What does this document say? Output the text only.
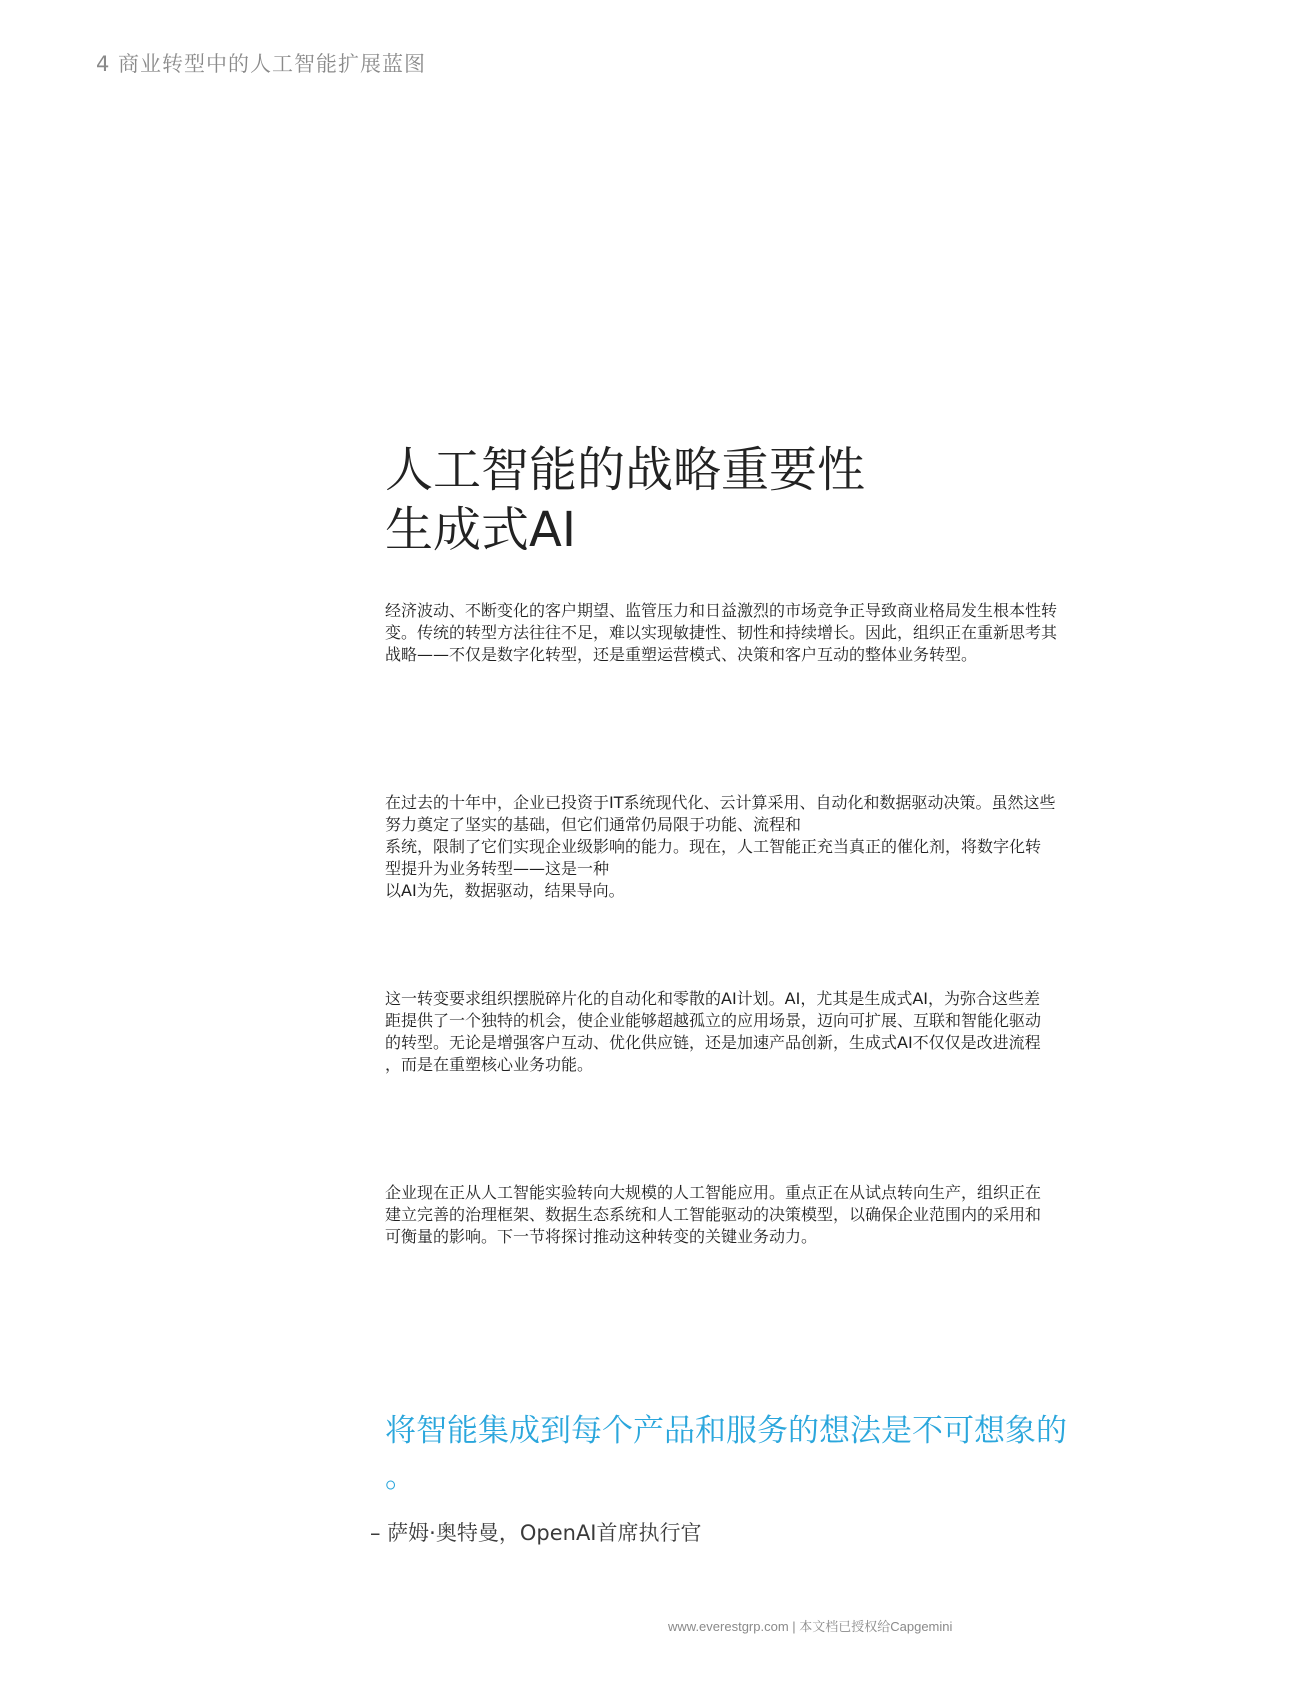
4 商业转型中的人工智能扩展蓝图
人工智能的战略重要性
生成式AI

经济波动、不断变化的客户期望、监管压力和日益激烈的市场竞争正导致商业格局发生根本性转
变。传统的转型方法往往不足，难以实现敏捷性、韧性和持续增长。因此，组织正在重新思考其
战略——不仅是数字化转型，还是重塑运营模式、决策和客户互动的整体业务转型。

在过去的十年中，企业已投资于IT系统现代化、云计算采用、自动化和数据驱动决策。虽然这些
努力奠定了坚实的基础，但它们通常仍局限于功能、流程和
系统，限制了它们实现企业级影响的能力。现在，人工智能正充当真正的催化剂，将数字化转
型提升为业务转型——这是一种
以AI为先，数据驱动，结果导向。

这一转变要求组织摆脱碎片化的自动化和零散的AI计划。AI，尤其是生成式AI，为弥合这些差
距提供了一个独特的机会，使企业能够超越孤立的应用场景，迈向可扩展、互联和智能化驱动
的转型。无论是增强客户互动、优化供应链，还是加速产品创新，生成式AI不仅仅是改进流程
，而是在重塑核心业务功能。

企业现在正从人工智能实验转向大规模的人工智能应用。重点正在从试点转向生产，组织正在
建立完善的治理框架、数据生态系统和人工智能驱动的决策模型，以确保企业范围内的采用和
可衡量的影响。下一节将探讨推动这种转变的关键业务动力。

将智能集成到每个产品和服务的想法是不可想象的
。
– 萨姆·奥特曼，OpenAI首席执行官
www.everestgrp.com | 本文档已授权给Capgemini
